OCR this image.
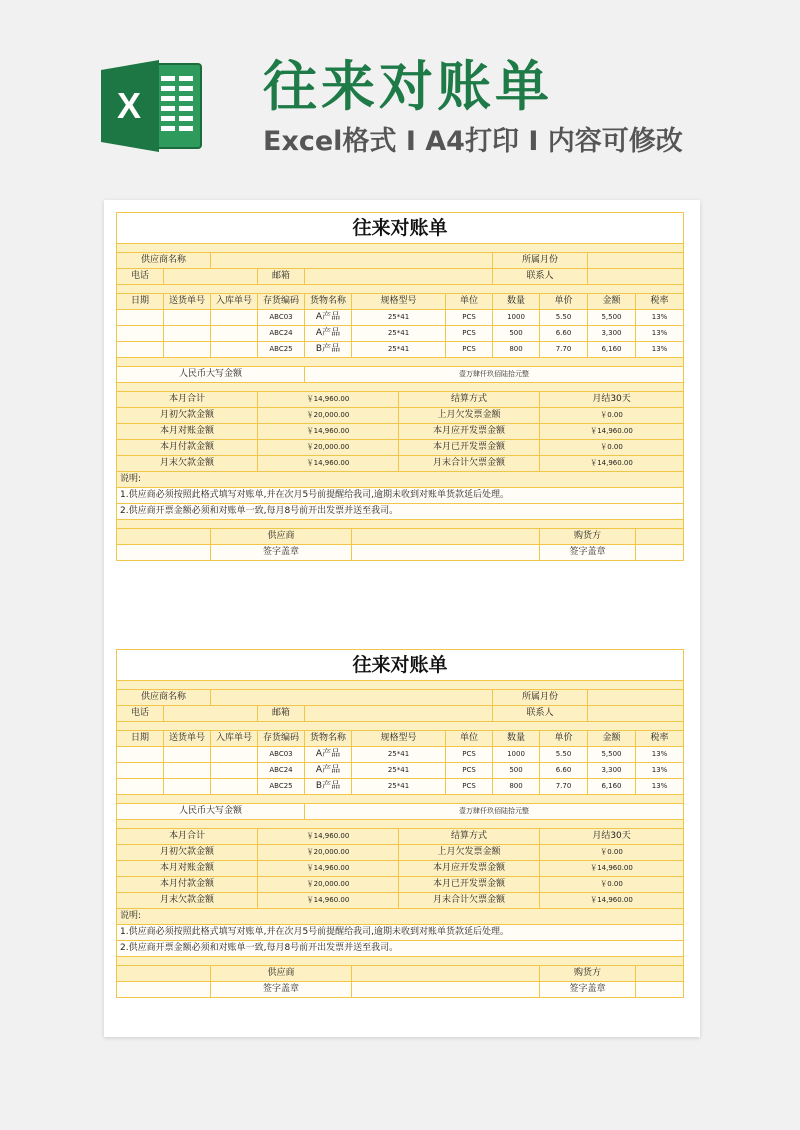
X 往来对账单
Excel格式 I A4打印 I 内容可修改
往来对账单											

供应商名称								所属月份			
电话			邮箱					联系人			

日期	送货单号	入库单号	存货编码	货物名称	规格型号		单位	数量	单价	金额	税率
			ABC03	A产品	25*41		PCS	1000	5.50	5,500	13%
			ABC24	A产品	25*41		PCS	500	6.60	3,300	13%
			ABC25	B产品	25*41		PCS	800	7.70	6,160	13%

人民币大写金额				壹万肆仟玖佰陆拾元整							

本月合计			￥14,960.00			结算方式			月结30天		
月初欠款金额			￥20,000.00			上月欠发票金额			￥0.00		
本月对账金额			￥14,960.00			本月应开发票金额			￥14,960.00		
本月付款金额			￥20,000.00			本月已开发票金额			￥0.00		
月末欠款金额			￥14,960.00			月末合计欠票金额			￥14,960.00		
说明:											
1.供应商必须按照此格式填写对账单,并在次月5号前提醒给我司,逾期未收到对账单货款延后处理。											
2.供应商开票金额必须和对账单一致,每月8号前开出发票并送至我司。											

		供应商							购货方		
		签字盖章							签字盖章		
往来对账单											

供应商名称								所属月份			
电话			邮箱					联系人			

日期	送货单号	入库单号	存货编码	货物名称	规格型号		单位	数量	单价	金额	税率
			ABC03	A产品	25*41		PCS	1000	5.50	5,500	13%
			ABC24	A产品	25*41		PCS	500	6.60	3,300	13%
			ABC25	B产品	25*41		PCS	800	7.70	6,160	13%

人民币大写金额				壹万肆仟玖佰陆拾元整							

本月合计			￥14,960.00			结算方式			月结30天		
月初欠款金额			￥20,000.00			上月欠发票金额			￥0.00		
本月对账金额			￥14,960.00			本月应开发票金额			￥14,960.00		
本月付款金额			￥20,000.00			本月已开发票金额			￥0.00		
月末欠款金额			￥14,960.00			月末合计欠票金额			￥14,960.00		
说明:											
1.供应商必须按照此格式填写对账单,并在次月5号前提醒给我司,逾期未收到对账单货款延后处理。											
2.供应商开票金额必须和对账单一致,每月8号前开出发票并送至我司。											

		供应商							购货方		
		签字盖章							签字盖章		
